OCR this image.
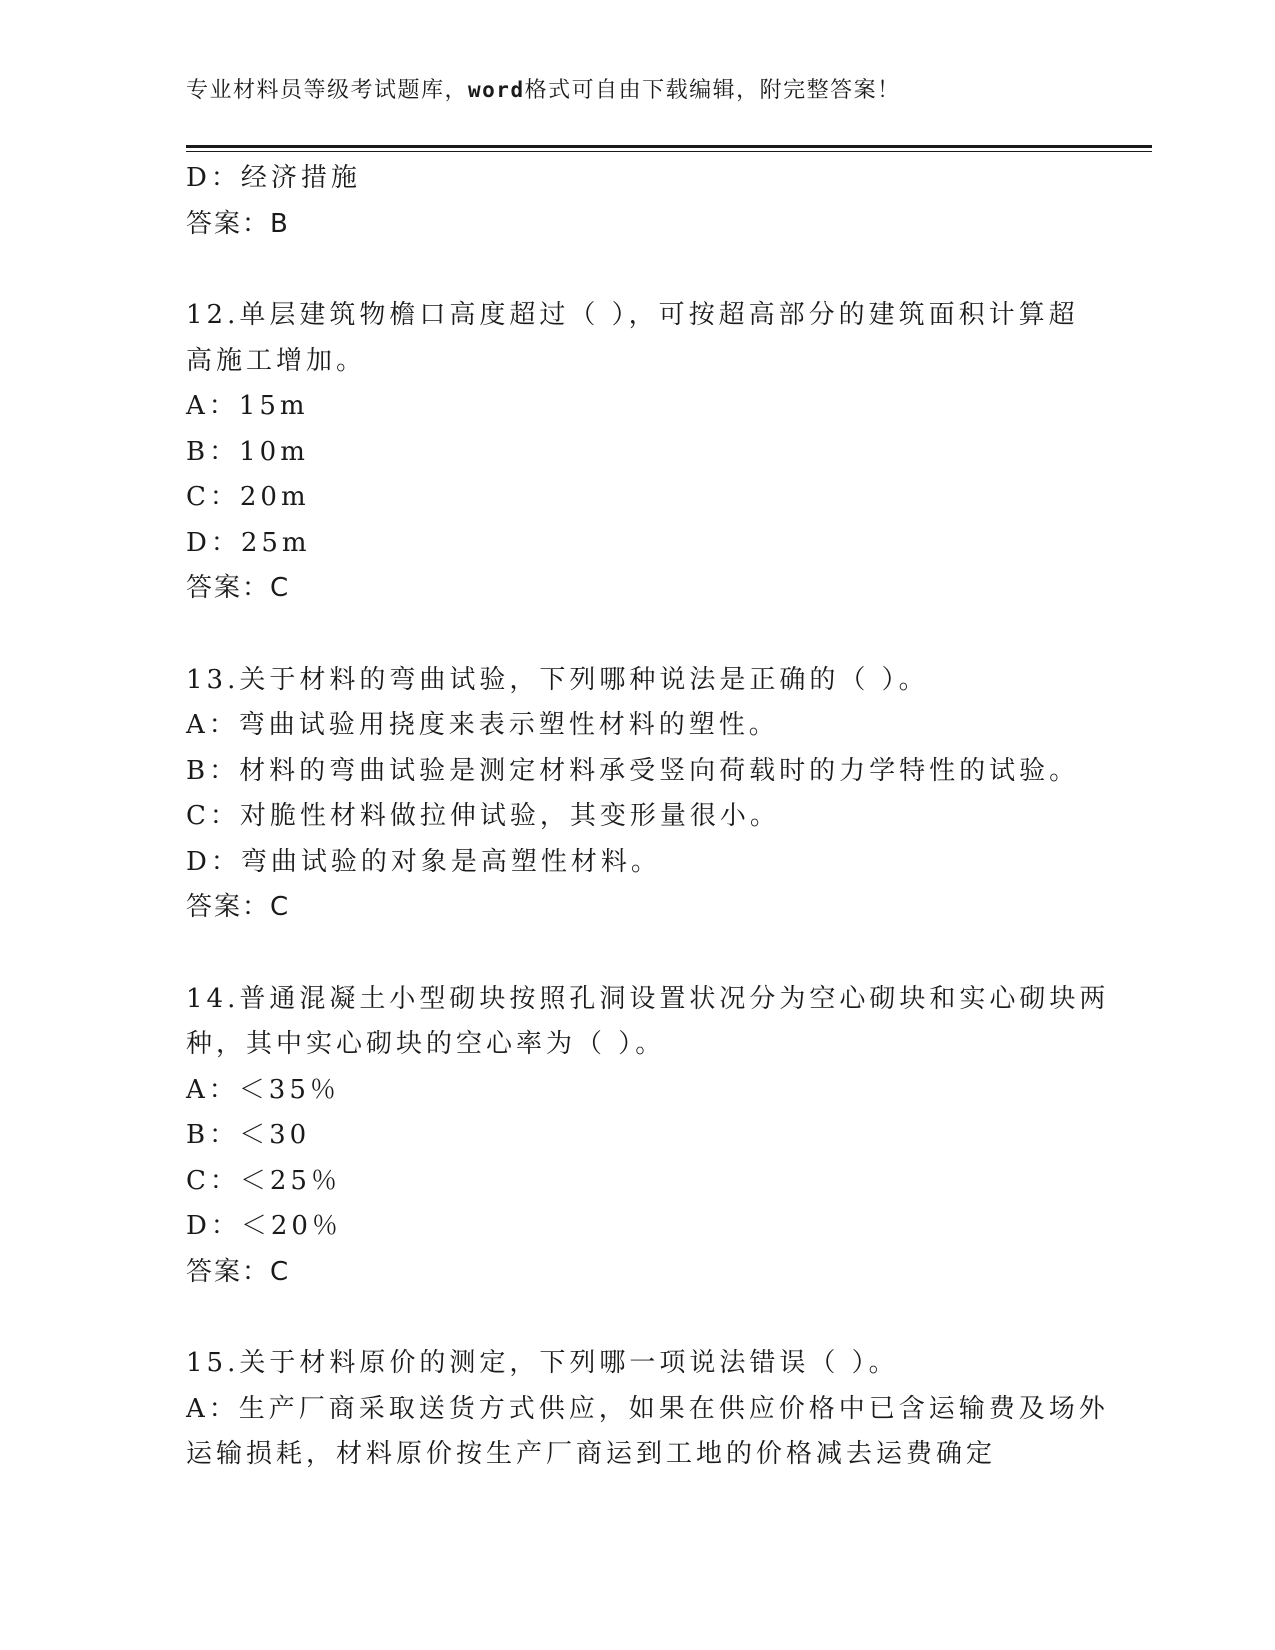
专业材料员等级考试题库，word格式可自由下载编辑，附完整答案！
D：经济措施
答案：B
12.单层建筑物檐口高度超过（ ），可按超高部分的建筑面积计算超
高施工增加。
A：15m
B：10m
C：20m
D：25m
答案：C
13.关于材料的弯曲试验，下列哪种说法是正确的（ ）。
A：弯曲试验用挠度来表示塑性材料的塑性。
B：材料的弯曲试验是测定材料承受竖向荷载时的力学特性的试验。
C：对脆性材料做拉伸试验，其变形量很小。
D：弯曲试验的对象是高塑性材料。
答案：C
14.普通混凝土小型砌块按照孔洞设置状况分为空心砌块和实心砌块两
种，其中实心砌块的空心率为（ ）。
A：＜35％
B：＜30
C：＜25％
D：＜20％
答案：C
15.关于材料原价的测定，下列哪一项说法错误（ ）。
A：生产厂商采取送货方式供应，如果在供应价格中已含运输费及场外
运输损耗，材料原价按生产厂商运到工地的价格减去运费确定
